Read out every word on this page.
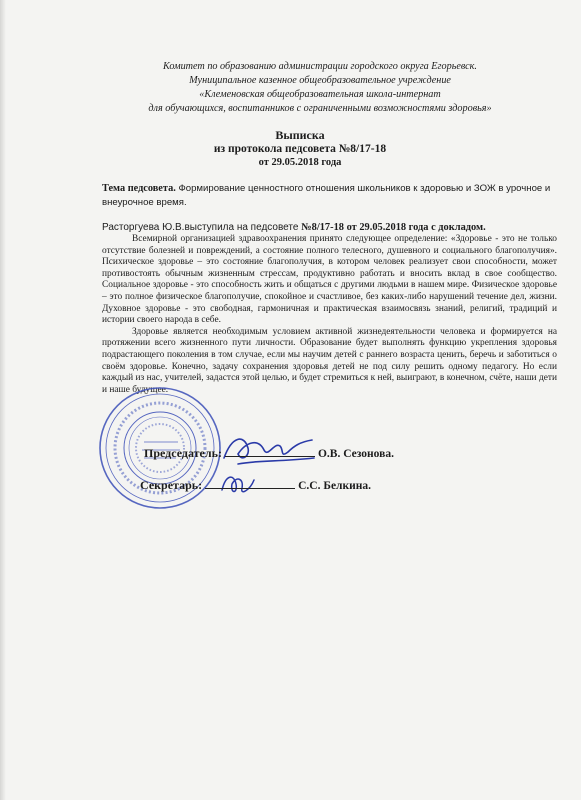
Комитет по образованию администрации городского округа Егорьевск.
Муниципальное казенное общеобразовательное учреждение
«Клеменовская общеобразовательная школа-интернат
для обучающихся, воспитанников с ограниченными возможностями здоровья»
Выписка
из протокола педсовета №8/17-18
от 29.05.2018 года
Тема педсовета. Формирование ценностного отношения школьников к здоровью и ЗОЖ в урочное и внеурочное время.
Расторгуева Ю.В.выступила на педсовете №8/17-18 от 29.05.2018 года с докладом.

Всемирной организацией здравоохранения принято следующее определение: «Здоровье - это не только отсутствие болезней и повреждений, а состояние полного телесного, душевного и социального благополучия». Психическое здоровье – это состояние благополучия, в котором человек реализует свои способности, может противостоять обычным жизненным стрессам, продуктивно работать и вносить вклад в свое сообщество. Социальное здоровье - это способность жить и общаться с другими людьми в нашем мире. Физическое здоровье – это полное физическое благополучие, спокойное и счастливое, без каких-либо нарушений течение дел, жизни. Духовное здоровье - это свободная, гармоничная и практическая взаимосвязь знаний, религий, традиций и истории своего народа в себе.

Здоровье является необходимым условием активной жизнедеятельности человека и формируется на протяжении всего жизненного пути личности. Образование будет выполнять функцию укрепления здоровья подрастающего поколения в том случае, если мы научим детей с раннего возраста ценить, беречь и заботиться о своём здоровье. Конечно, задачу сохранения здоровья детей не под силу решить одному педагогу. Но если каждый из нас, учителей, задастся этой целью, и будет стремиться к ней, выиграют, в конечном, счёте, наши дети и наше будущее.

Председатель:	О.В. Сезонова.
Секретарь:	С.С. Белкина.
